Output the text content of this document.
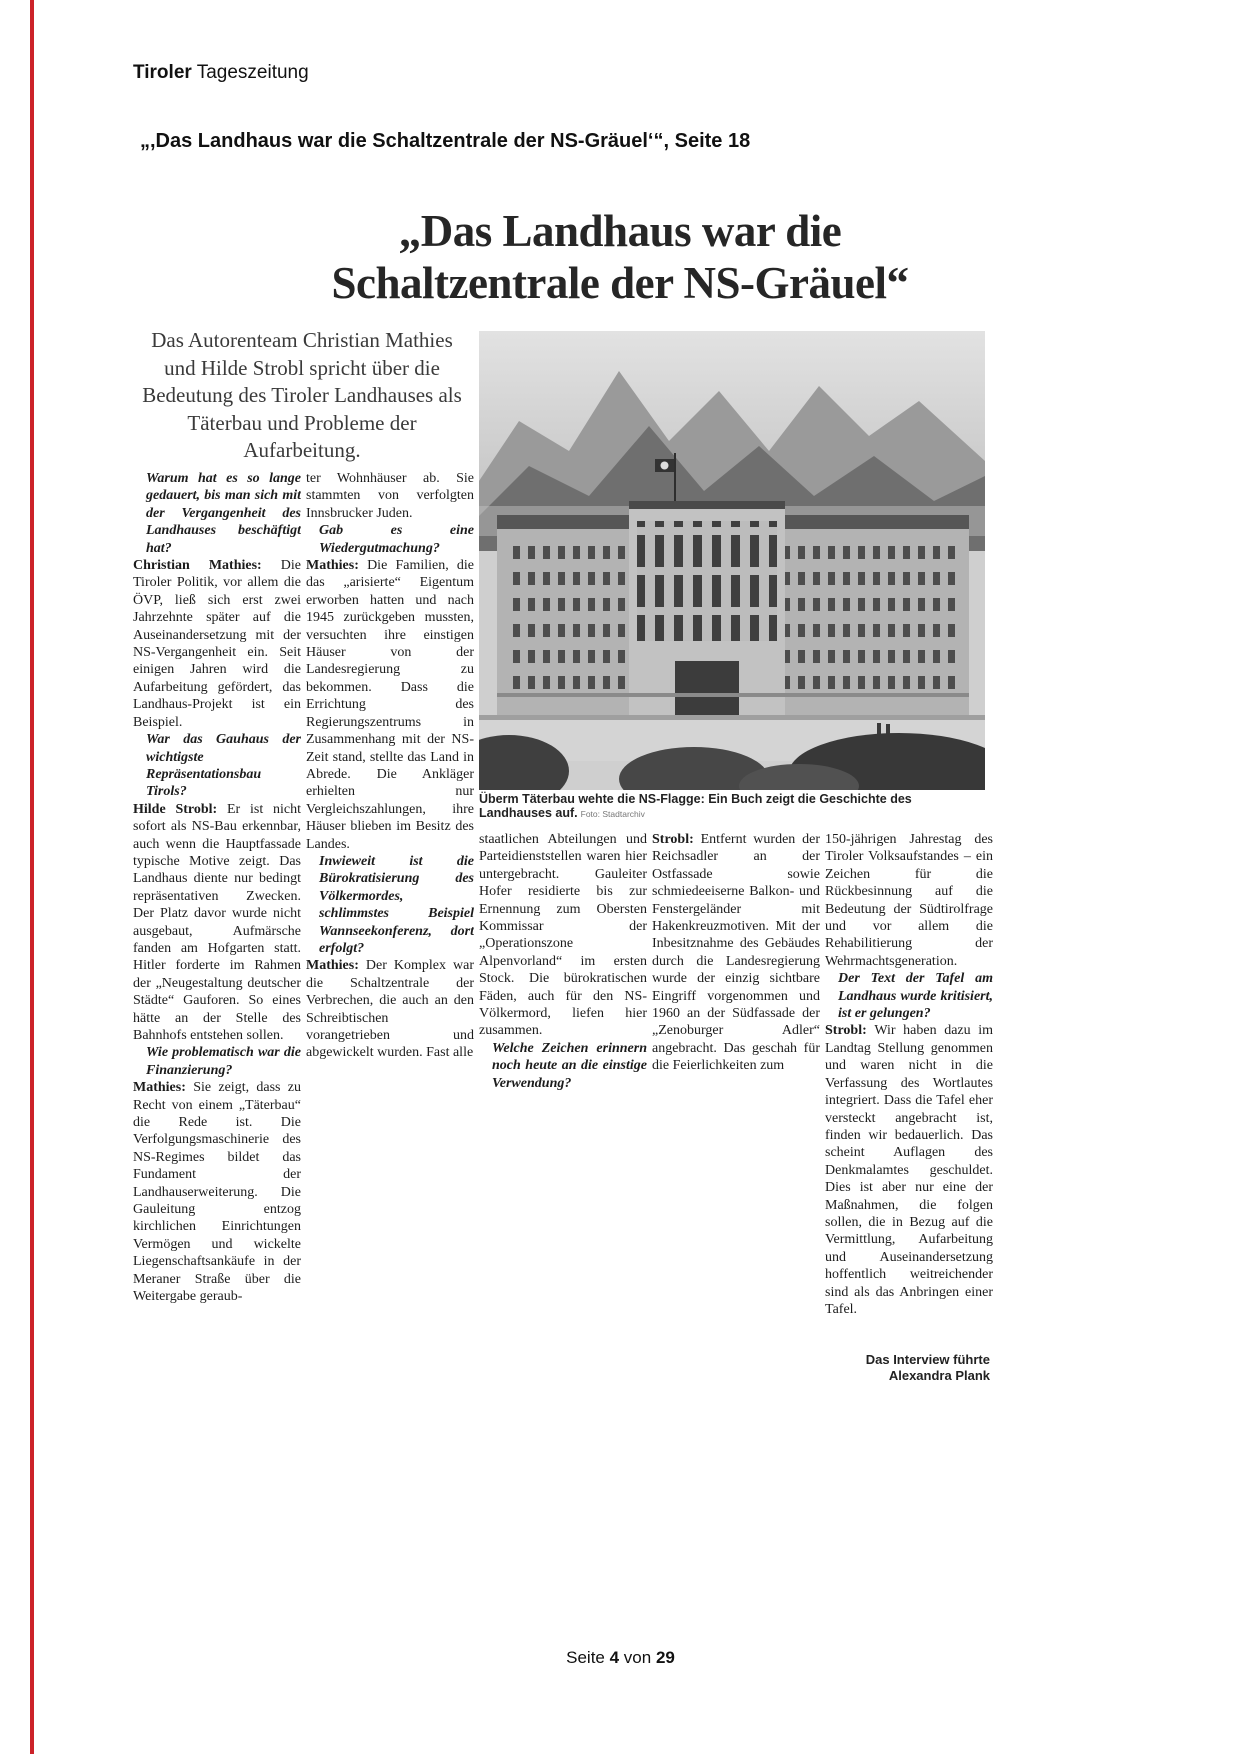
Tiroler Tageszeitung
„,Das Landhaus war die Schaltzentrale der NS-Gräuel‘“, Seite 18
„Das Landhaus war die
Schaltzentrale der NS-Gräuel“
Das Autorenteam Christian Mathies und Hilde Strobl spricht über die Bedeutung des Tiroler Landhauses als Täterbau und Probleme der Aufarbeitung.
Überm Täterbau wehte die NS-Flagge: Ein Buch zeigt die Geschichte des Landhauses auf. Foto: Stadtarchiv

Warum hat es so lange gedauert, bis man sich mit der Vergangenheit des Landhauses beschäftigt hat?

Christian Mathies: Die Tiroler Politik, vor allem die ÖVP, ließ sich erst zwei Jahrzehnte später auf die Auseinandersetzung mit der NS-Vergangenheit ein. Seit einigen Jahren wird die Aufarbeitung gefördert, das Landhaus-Projekt ist ein Beispiel.

War das Gauhaus der wichtigste Repräsentationsbau Tirols?

Hilde Strobl: Er ist nicht sofort als NS-Bau erkennbar, auch wenn die Hauptfassade typische Motive zeigt. Das Landhaus diente nur bedingt repräsentativen Zwecken. Der Platz davor wurde nicht ausgebaut, Aufmärsche fanden am Hofgarten statt. Hitler forderte im Rahmen der „Neugestaltung deutscher Städte“ Gauforen. So eines hätte an der Stelle des Bahnhofs entstehen sollen.

Wie problematisch war die Finanzierung?

Mathies: Sie zeigt, dass zu Recht von einem „Täterbau“ die Rede ist. Die Verfolgungsmaschinerie des NS-Regimes bildet das Fundament der Landhauserweiterung. Die Gauleitung entzog kirchlichen Einrichtungen Vermögen und wickelte Liegenschaftsankäufe in der Meraner Straße über die Weitergabe geraub-

ter Wohnhäuser ab. Sie stammten von verfolgten Innsbrucker Juden.

Gab es eine Wiedergutmachung?

Mathies: Die Familien, die das „arisierte“ Eigentum erworben hatten und nach 1945 zurückgeben mussten, versuchten ihre einstigen Häuser von der Landesregierung zu bekommen. Dass die Errichtung des Regierungszentrums in Zusammenhang mit der NS-Zeit stand, stellte das Land in Abrede. Die Ankläger erhielten nur Vergleichszahlungen, ihre Häuser blieben im Besitz des Landes.

Inwieweit ist die Bürokratisierung des Völkermordes, schlimmstes Beispiel Wannseekonferenz, dort erfolgt?

Mathies: Der Komplex war die Schaltzentrale der Verbrechen, die auch an den Schreibtischen vorangetrieben und abgewickelt wurden. Fast alle

staatlichen Abteilungen und Parteidienststellen waren hier untergebracht. Gauleiter Hofer residierte bis zur Ernennung zum Obersten Kommissar der „Operationszone Alpenvorland“ im ersten Stock. Die bürokratischen Fäden, auch für den NS-Völkermord, liefen hier zusammen.

Welche Zeichen erinnern noch heute an die einstige Verwendung?

Strobl: Entfernt wurden der Reichsadler an der Ostfassade sowie schmiedeeiserne Balkon- und Fenstergeländer mit Hakenkreuzmotiven. Mit der Inbesitznahme des Gebäudes durch die Landesregierung wurde der einzig sichtbare Eingriff vorgenommen und 1960 an der Südfassade der „Zenoburger Adler“ angebracht. Das geschah für die Feierlichkeiten zum

150-jährigen Jahrestag des Tiroler Volksaufstandes – ein Zeichen für die Rückbesinnung auf die Bedeutung der Südtirolfrage und vor allem die Rehabilitierung der Wehrmachtsgeneration.

Der Text der Tafel am Landhaus wurde kritisiert, ist er gelungen?

Strobl: Wir haben dazu im Landtag Stellung genommen und waren nicht in die Verfassung des Wortlautes integriert. Dass die Tafel eher versteckt angebracht ist, finden wir bedauerlich. Das scheint Auflagen des Denkmalamtes geschuldet. Dies ist aber nur eine der Maßnahmen, die folgen sollen, die in Bezug auf die Vermittlung, Aufarbeitung und Auseinandersetzung hoffentlich weitreichender sind als das Anbringen einer Tafel.

Das Interview führte
Alexandra Plank
Seite 4 von 29
